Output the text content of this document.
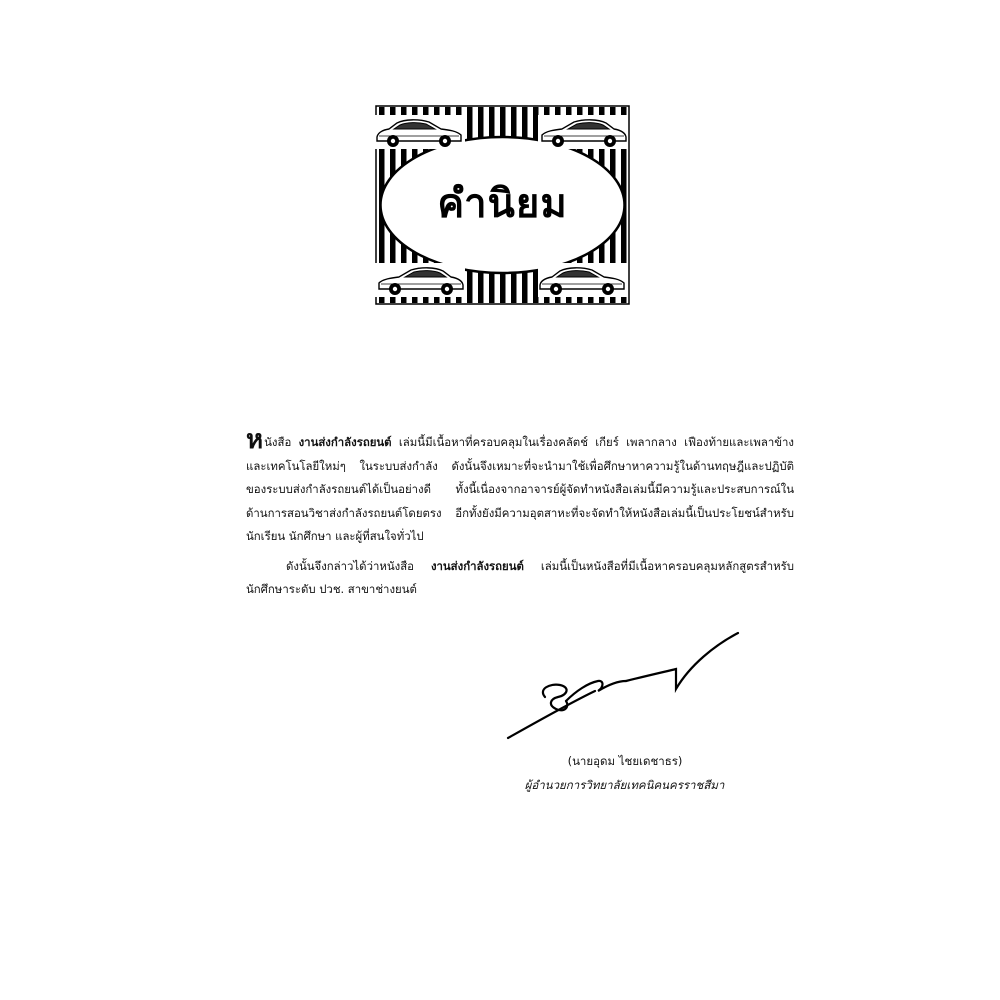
คำนิยม

หนังสือ งานส่งกำลังรถยนต์ เล่มนี้มีเนื้อหาที่ครอบคลุมในเรื่องคลัตช์ เกียร์ เพลากลาง เฟืองท้ายและเพลาข้าง และเทคโนโลยีใหม่ๆ ในระบบส่งกำลัง ดังนั้นจึงเหมาะที่จะนำมาใช้เพื่อศึกษาหาความรู้ในด้านทฤษฎีและปฏิบัติของระบบส่งกำลังรถยนต์ได้เป็นอย่างดี ทั้งนี้เนื่องจากอาจารย์ผู้จัดทำหนังสือเล่มนี้มีความรู้และประสบการณ์ในด้านการสอนวิชาส่งกำลังรถยนต์โดยตรง อีกทั้งยังมีความอุตสาหะที่จะจัดทำให้หนังสือเล่มนี้เป็นประโยชน์สำหรับนักเรียน นักศึกษา และผู้ที่สนใจทั่วไป

ดังนั้นจึงกล่าวได้ว่าหนังสือ งานส่งกำลังรถยนต์ เล่มนี้เป็นหนังสือที่มีเนื้อหาครอบคลุมหลักสูตรสำหรับนักศึกษาระดับ ปวช. สาขาช่างยนต์

(นายอุดม ไชยเดชาธร)
ผู้อำนวยการวิทยาลัยเทคนิคนครราชสีมา
